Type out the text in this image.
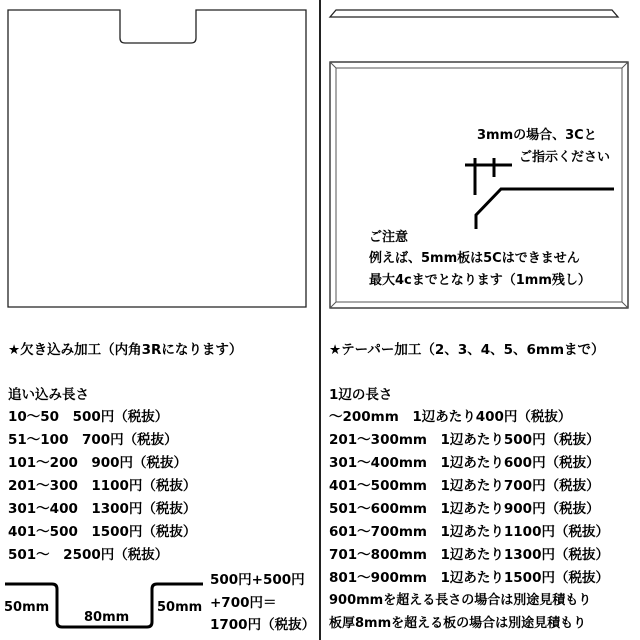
★欠き込み加工（内角3Rになります）
追い込み長さ
10～50　500円（税抜）
51～100　700円（税抜）
101～200　900円（税抜）
201～300　1100円（税抜）
301～400　1300円（税抜）
401～500　1500円（税抜）
501～　2500円（税抜）
50mm
80mm
50mm
500円+500円
+700円＝
1700円（税抜）
3mmの場合、3Cと
ご指示ください
ご注意
例えば、5mm板は5Cはできません
最大4cまでとなります（1mm残し）
★テーパー加工（2、3、4、5、6mmまで）
1辺の長さ
～200mm　1辺あたり400円（税抜）
201～300mm　1辺あたり500円（税抜）
301～400mm　1辺あたり600円（税抜）
401～500mm　1辺あたり700円（税抜）
501～600mm　1辺あたり900円（税抜）
601～700mm　1辺あたり1100円（税抜）
701～800mm　1辺あたり1300円（税抜）
801～900mm　1辺あたり1500円（税抜）
900mmを超える長さの場合は別途見積もり
板厚8mmを超える板の場合は別途見積もり
